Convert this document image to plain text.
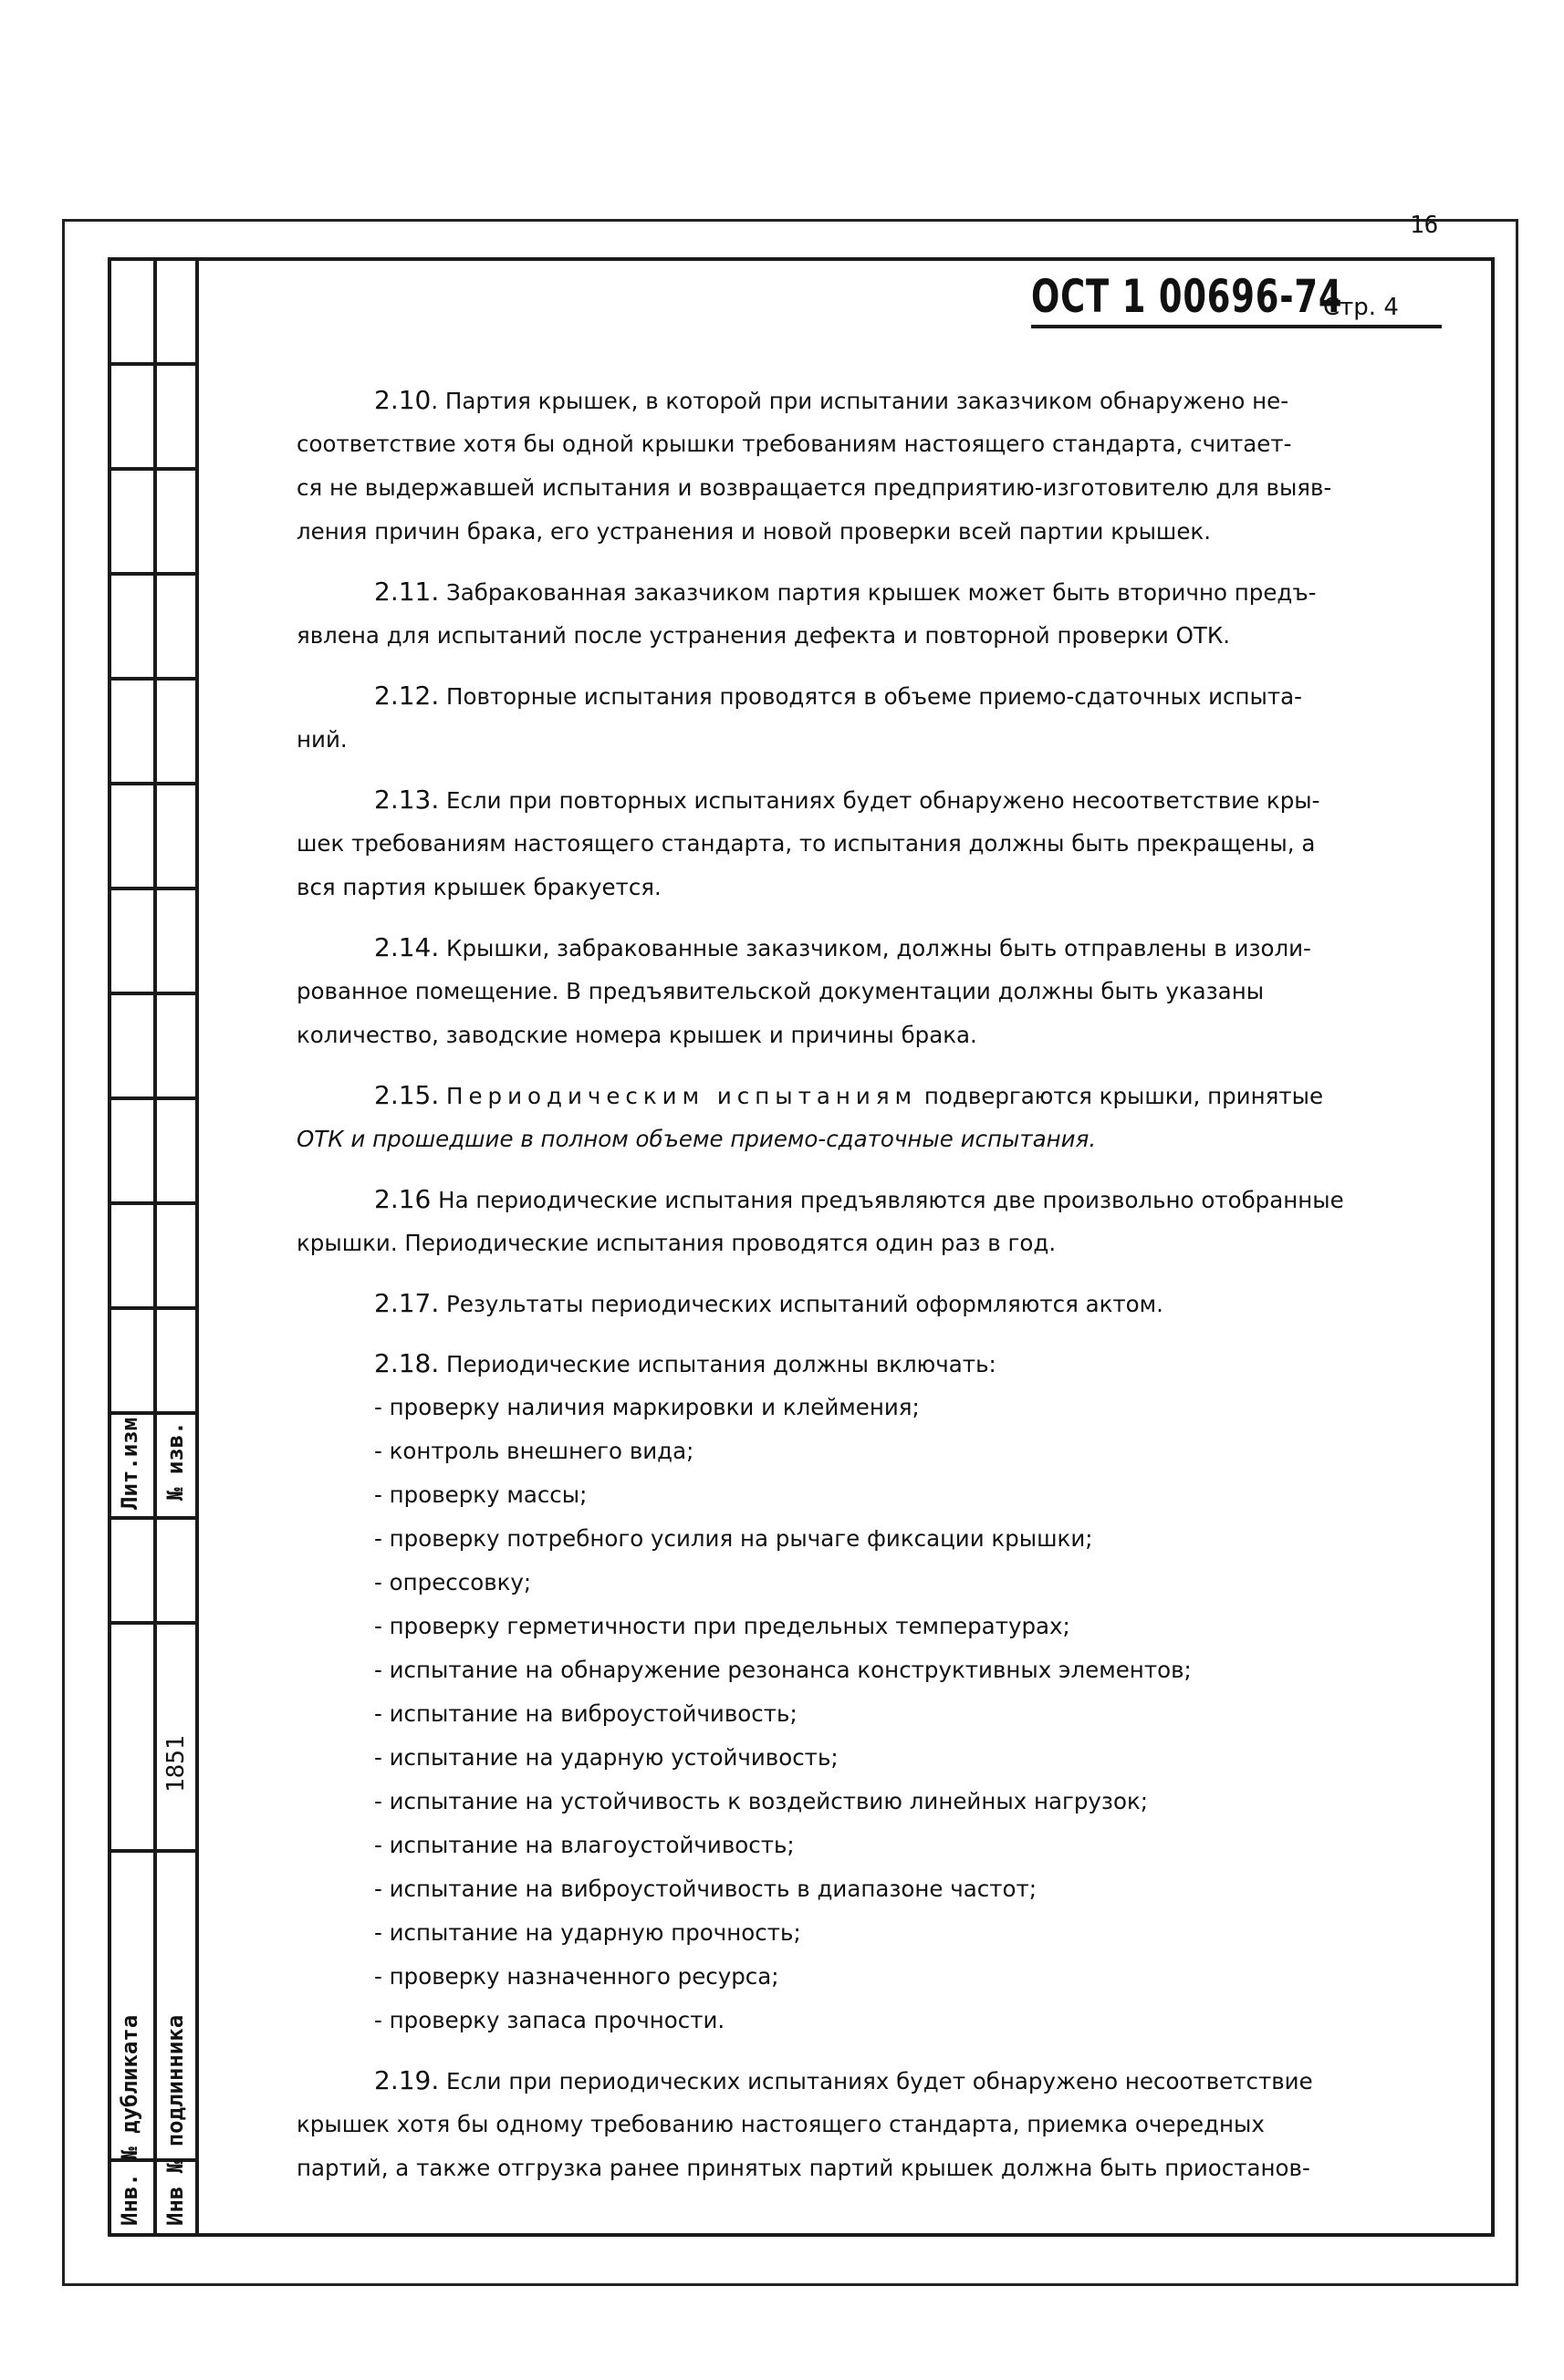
16
Лит.изм № изв.
1851
Инв. № дубликата Инв № подлинника
ОСТ 1 00696-74
Стр. 4
2.10. Партия крышек, в которой при испытании заказчиком обнаружено не-
соответствие хотя бы одной крышки требованиям настоящего стандарта, считает-
ся не выдержавшей испытания и возвращается предприятию-изготовителю для выяв-
ления причин брака, его устранения и новой проверки всей партии крышек.
2.11. Забракованная заказчиком партия крышек может быть вторично предъ-
явлена для испытаний после устранения дефекта и повторной проверки ОТК.
2.12. Повторные испытания проводятся в объеме приемо-сдаточных испыта-
ний.
2.13. Если при повторных испытаниях будет обнаружено несоответствие кры-
шек требованиям настоящего стандарта, то испытания должны быть прекращены, а
вся партия крышек бракуется.
2.14. Крышки, забракованные заказчиком, должны быть отправлены в изоли-
рованное помещение. В предъявительской документации должны быть указаны
количество, заводские номера крышек и причины брака.
2.15. Периодическим испытаниям подвергаются крышки, принятые
ОТК и прошедшие в полном объеме приемо-сдаточные испытания.
2.16 На периодические испытания предъявляются две произвольно отобранные
крышки. Периодические испытания проводятся один раз в год.
2.17. Результаты периодических испытаний оформляются актом.
2.18. Периодические испытания должны включать:
- проверку наличия маркировки и клеймения;
- контроль внешнего вида;
- проверку массы;
- проверку потребного усилия на рычаге фиксации крышки;
- опрессовку;
- проверку герметичности при предельных температурах;
- испытание на обнаружение резонанса конструктивных элементов;
- испытание на виброустойчивость;
- испытание на ударную устойчивость;
- испытание на устойчивость к воздействию линейных нагрузок;
- испытание на влагоустойчивость;
- испытание на виброустойчивость в диапазоне частот;
- испытание на ударную прочность;
- проверку назначенного ресурса;
- проверку запаса прочности.
2.19. Если при периодических испытаниях будет обнаружено несоответствие
крышек хотя бы одному требованию настоящего стандарта, приемка очередных
партий, а также отгрузка ранее принятых партий крышек должна быть приостанов-
